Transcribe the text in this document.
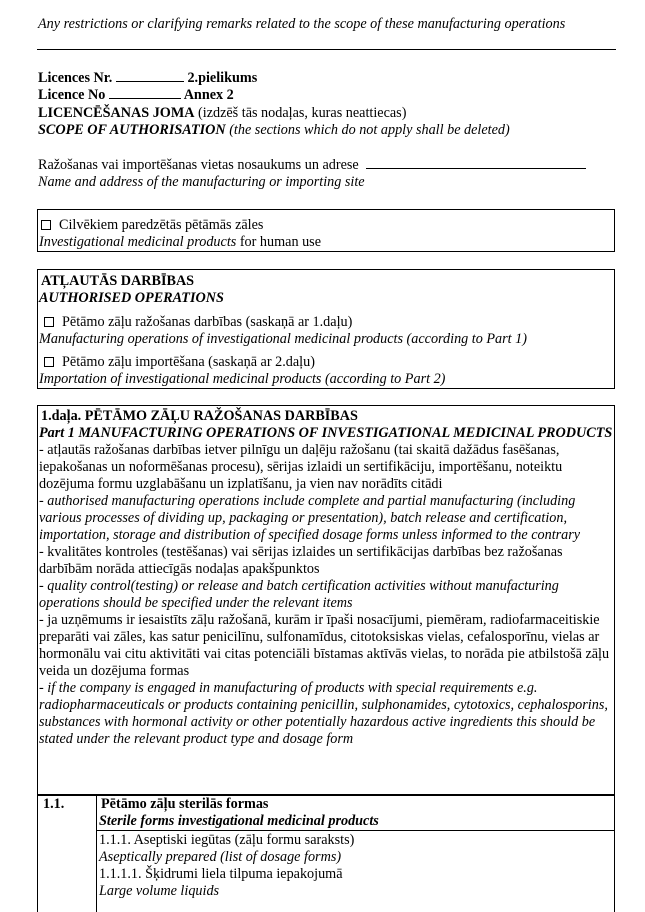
Any restrictions or clarifying remarks related to the scope of these manufacturing operations

Licences Nr.	2.pielikums

Licence No	Annex 2

LICENCĒŠANAS JOMA (izdzēš tās nodaļas, kuras neattiecas)

SCOPE OF AUTHORISATION (the sections which do not apply shall be deleted)

Ražošanas vai importēšanas vietas nosaukums un adrese

Name and address of the manufacturing or importing site

Cilvēkiem paredzētās pētāmās zāles

Investigational medicinal products for human use

ATĻAUTĀS DARBĪBAS

AUTHORISED OPERATIONS

Pētāmo zāļu ražošanas darbības (saskaņā ar 1.daļu)

Manufacturing operations of investigational medicinal products (according to Part 1)

Pētāmo zāļu importēšana (saskaņā ar 2.daļu)

Importation of investigational medicinal products (according to Part 2)

1.daļa. PĒTĀMO ZĀĻU RAŽOŠANAS DARBĪBAS

Part 1 MANUFACTURING OPERATIONS OF INVESTIGATIONAL MEDICINAL PRODUCTS

- atļautās ražošanas darbības ietver pilnīgu un daļēju ražošanu (tai skaitā dažādus fasēšanas, iepakošanas un noformēšanas procesu), sērijas izlaidi un sertifikāciju, importēšanu, noteiktu dozējuma formu uzglabāšanu un izplatīšanu, ja vien nav norādīts citādi

- authorised manufacturing operations include complete and partial manufacturing (including various processes of dividing up, packaging or presentation), batch release and certification, importation, storage and distribution of specified dosage forms unless informed to the contrary

- kvalitātes kontroles (testēšanas) vai sērijas izlaides un sertifikācijas darbības bez ražošanas darbībām norāda attiecīgās nodaļas apakšpunktos

- quality control(testing) or release and batch certification activities without manufacturing operations should be specified under the relevant items

- ja uzņēmums ir iesaistīts zāļu ražošanā, kurām ir īpaši nosacījumi, piemēram, radiofarmaceitiskie preparāti vai zāles, kas satur penicilīnu, sulfonamīdus, citotoksiskas vielas, cefalosporīnu, vielas ar hormonālu vai citu aktivitāti vai citas potenciāli bīstamas aktīvās vielas, to norāda pie atbilstošā zāļu veida un dozējuma formas

- if the company is engaged in manufacturing of products with special requirements e.g. radiopharmaceuticals or products containing penicillin, sulphonamides, cytotoxics, cephalosporins, substances with hormonal activity or other potentially hazardous active ingredients this should be stated under the relevant product type and dosage form

1.1.	Pētāmo zāļu sterilās formas

Sterile forms investigational medicinal products

1.1.1. Aseptiski iegūtas (zāļu formu saraksts)

Aseptically prepared (list of dosage forms)

1.1.1.1. Šķidrumi liela tilpuma iepakojumā

Large volume liquids
